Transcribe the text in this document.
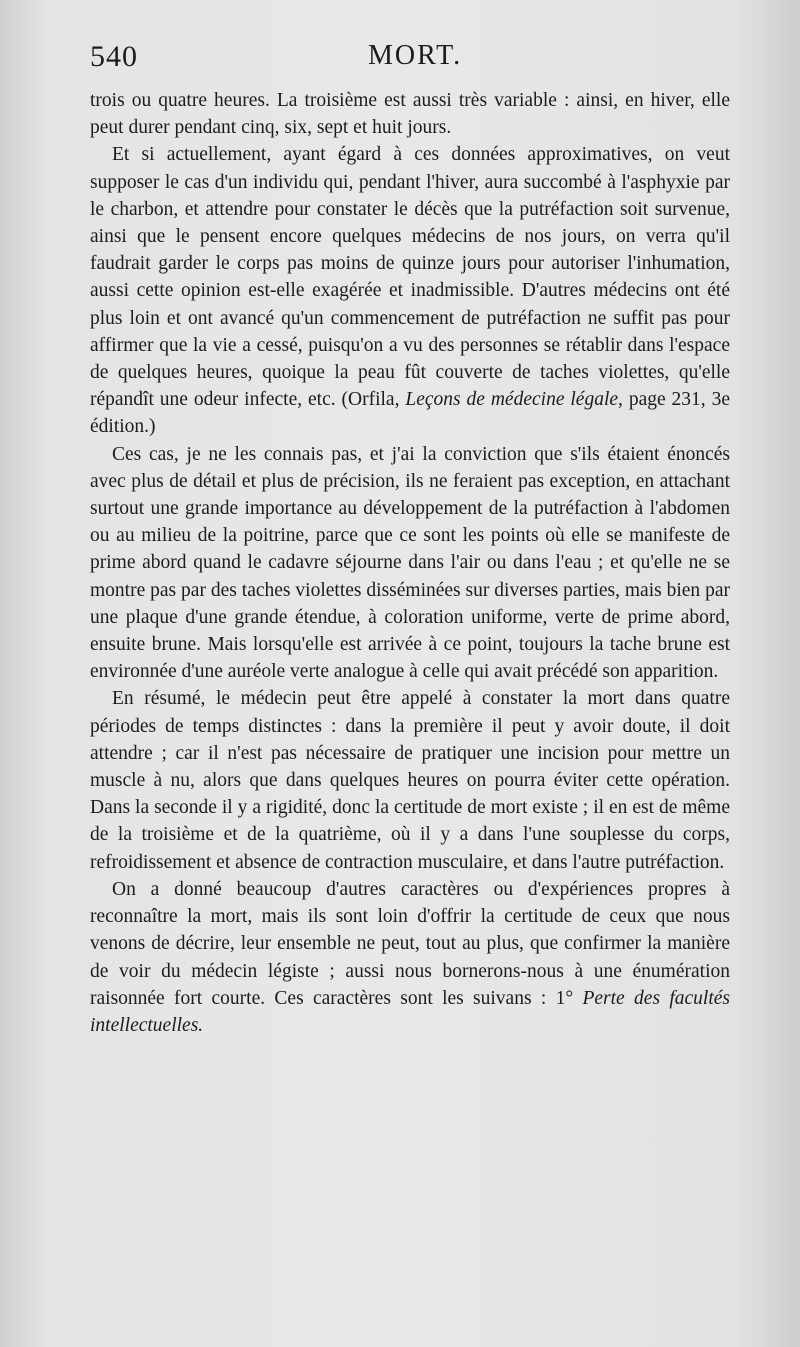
540	MORT.

trois ou quatre heures. La troisième est aussi très variable : ainsi, en hiver, elle peut durer pendant cinq, six, sept et huit jours.

Et si actuellement, ayant égard à ces données approximatives, on veut supposer le cas d'un individu qui, pendant l'hiver, aura succombé à l'asphyxie par le charbon, et attendre pour constater le décès que la putréfaction soit survenue, ainsi que le pensent encore quelques médecins de nos jours, on verra qu'il faudrait garder le corps pas moins de quinze jours pour autoriser l'inhumation, aussi cette opinion est-elle exagérée et inadmissible. D'autres médecins ont été plus loin et ont avancé qu'un commencement de putréfaction ne suffit pas pour affirmer que la vie a cessé, puisqu'on a vu des personnes se rétablir dans l'espace de quelques heures, quoique la peau fût couverte de taches violettes, qu'elle répandît une odeur infecte, etc. (Orfila, Leçons de médecine légale, page 231, 3e édition.)

Ces cas, je ne les connais pas, et j'ai la conviction que s'ils étaient énoncés avec plus de détail et plus de précision, ils ne feraient pas exception, en attachant surtout une grande importance au développement de la putréfaction à l'abdomen ou au milieu de la poitrine, parce que ce sont les points où elle se manifeste de prime abord quand le cadavre séjourne dans l'air ou dans l'eau ; et qu'elle ne se montre pas par des taches violettes disséminées sur diverses parties, mais bien par une plaque d'une grande étendue, à coloration uniforme, verte de prime abord, ensuite brune. Mais lorsqu'elle est arrivée à ce point, toujours la tache brune est environnée d'une auréole verte analogue à celle qui avait précédé son apparition.

En résumé, le médecin peut être appelé à constater la mort dans quatre périodes de temps distinctes : dans la première il peut y avoir doute, il doit attendre ; car il n'est pas nécessaire de pratiquer une incision pour mettre un muscle à nu, alors que dans quelques heures on pourra éviter cette opération. Dans la seconde il y a rigidité, donc la certitude de mort existe ; il en est de même de la troisième et de la quatrième, où il y a dans l'une souplesse du corps, refroidissement et absence de contraction musculaire, et dans l'autre putréfaction.

On a donné beaucoup d'autres caractères ou d'expériences propres à reconnaître la mort, mais ils sont loin d'offrir la certitude de ceux que nous venons de décrire, leur ensemble ne peut, tout au plus, que confirmer la manière de voir du médecin légiste ; aussi nous bornerons-nous à une énumération raisonnée fort courte. Ces caractères sont les suivans : 1° Perte des facultés intellectuelles.
